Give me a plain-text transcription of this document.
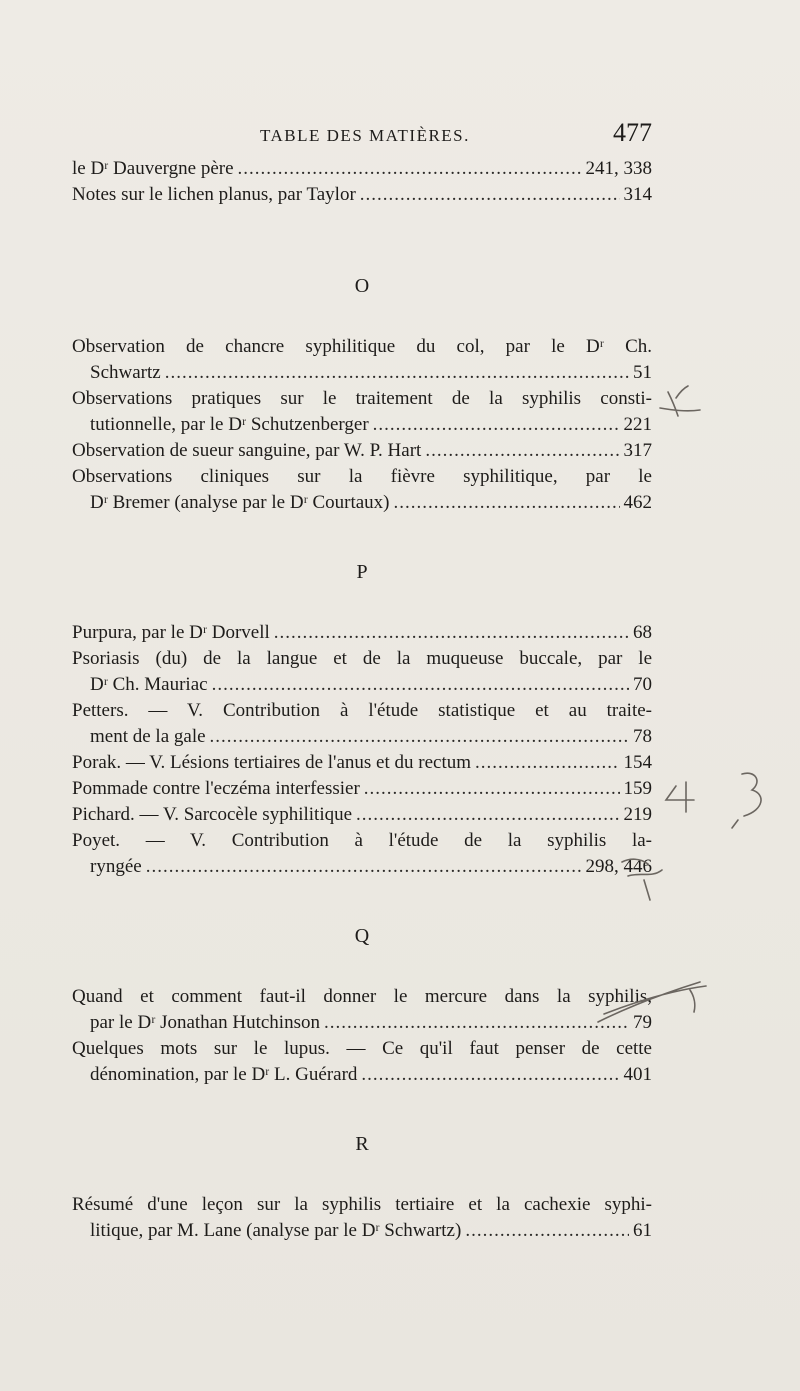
TABLE DES MATIÈRES.	477
le Dʳ Dauvergne père .....	241, 338
Notes sur le lichen planus, par Taylor .....	314
O
Observation de chancre syphilitique du col, par le Dʳ Ch.
Schwartz .....	51
Observations pratiques sur le traitement de la syphilis consti-
tutionnelle, par le Dʳ Schutzenberger .....	221
Observation de sueur sanguine, par W. P. Hart .....	317
Observations cliniques sur la fièvre syphilitique, par le
Dʳ Bremer (analyse par le Dʳ Courtaux) .....	462
P
Purpura, par le Dʳ Dorvell .....	68
Psoriasis (du) de la langue et de la muqueuse buccale, par le
Dʳ Ch. Mauriac .....	70
Petters. — V. Contribution à l'étude statistique et au traite-
ment de la gale .....	78
Porak. — V. Lésions tertiaires de l'anus et du rectum .....	154
Pommade contre l'eczéma interfessier .....	159
Pichard. — V. Sarcocèle syphilitique .....	219
Poyet. — V. Contribution à l'étude de la syphilis la-
ryngée .....	298, 446
Q
Quand et comment faut-il donner le mercure dans la syphilis,
par le Dʳ Jonathan Hutchinson .....	79
Quelques mots sur le lupus. — Ce qu'il faut penser de cette
dénomination, par le Dʳ L. Guérard .....	401
R
Résumé d'une leçon sur la syphilis tertiaire et la cachexie syphi-
litique, par M. Lane (analyse par le Dʳ Schwartz) .....	61
